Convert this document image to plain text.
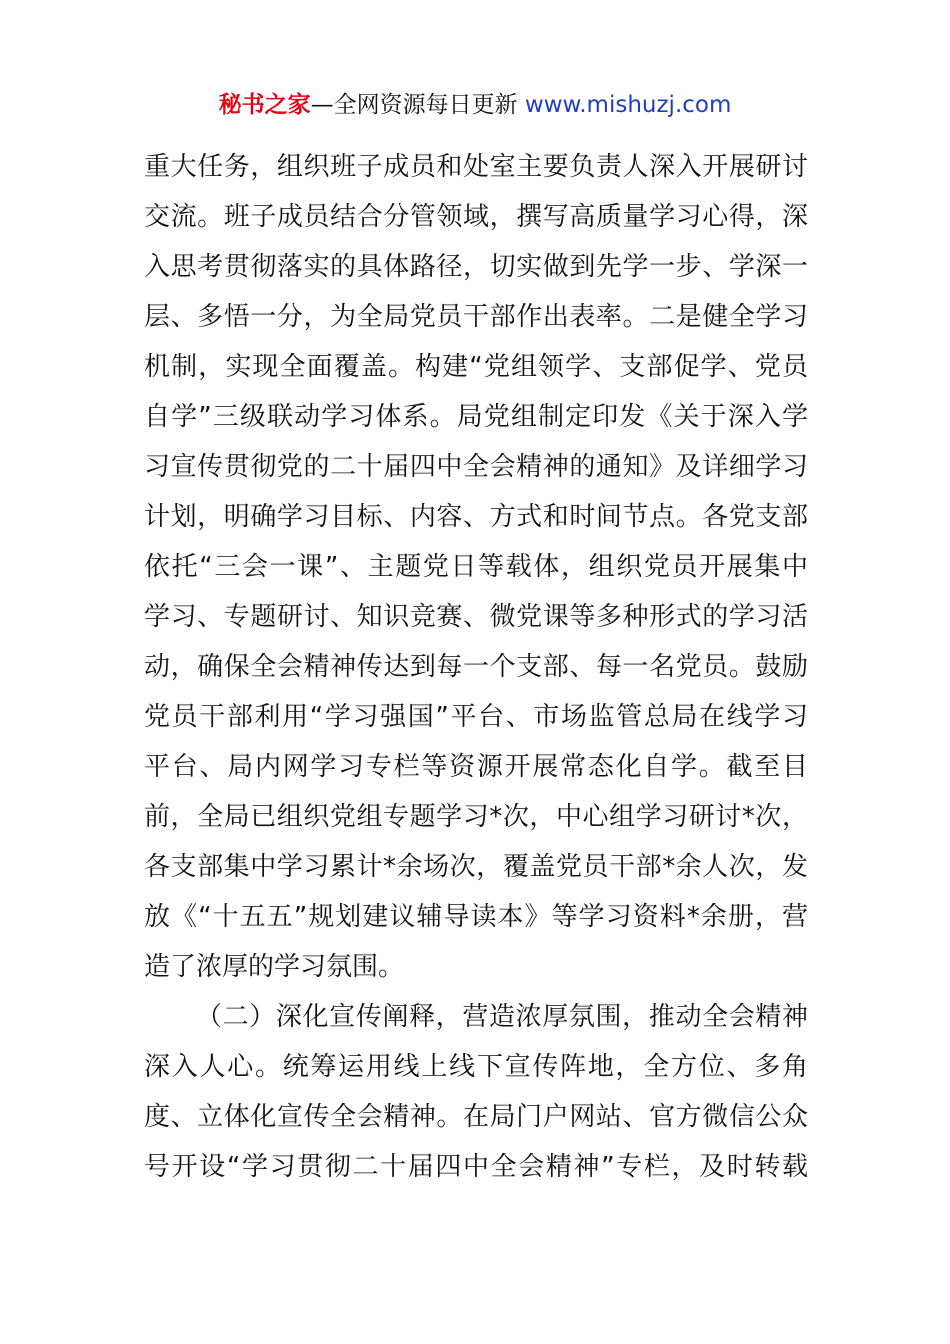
秘书之家—全网资源每日更新 www.mishuzj.com
重大任务，组织班子成员和处室主要负责人深入开展研讨
交流。班子成员结合分管领域，撰写高质量学习心得，深
入思考贯彻落实的具体路径，切实做到先学一步、学深一
层、多悟一分，为全局党员干部作出表率。二是健全学习
机制，实现全面覆盖。构建“党组领学、支部促学、党员
自学”三级联动学习体系。局党组制定印发《关于深入学
习宣传贯彻党的二十届四中全会精神的通知》及详细学习
计划，明确学习目标、内容、方式和时间节点。各党支部
依托“三会一课”、主题党日等载体，组织党员开展集中
学习、专题研讨、知识竞赛、微党课等多种形式的学习活
动，确保全会精神传达到每一个支部、每一名党员。鼓励
党员干部利用“学习强国”平台、市场监管总局在线学习
平台、局内网学习专栏等资源开展常态化自学。截至目
前，全局已组织党组专题学习*次，中心组学习研讨*次，
各支部集中学习累计*余场次，覆盖党员干部*余人次，发
放《“十五五”规划建议辅导读本》等学习资料*余册，营
造了浓厚的学习氛围。
（二）深化宣传阐释，营造浓厚氛围，推动全会精神
深入人心。统筹运用线上线下宣传阵地，全方位、多角
度、立体化宣传全会精神。在局门户网站、官方微信公众
号开设“学习贯彻二十届四中全会精神”专栏，及时转载
